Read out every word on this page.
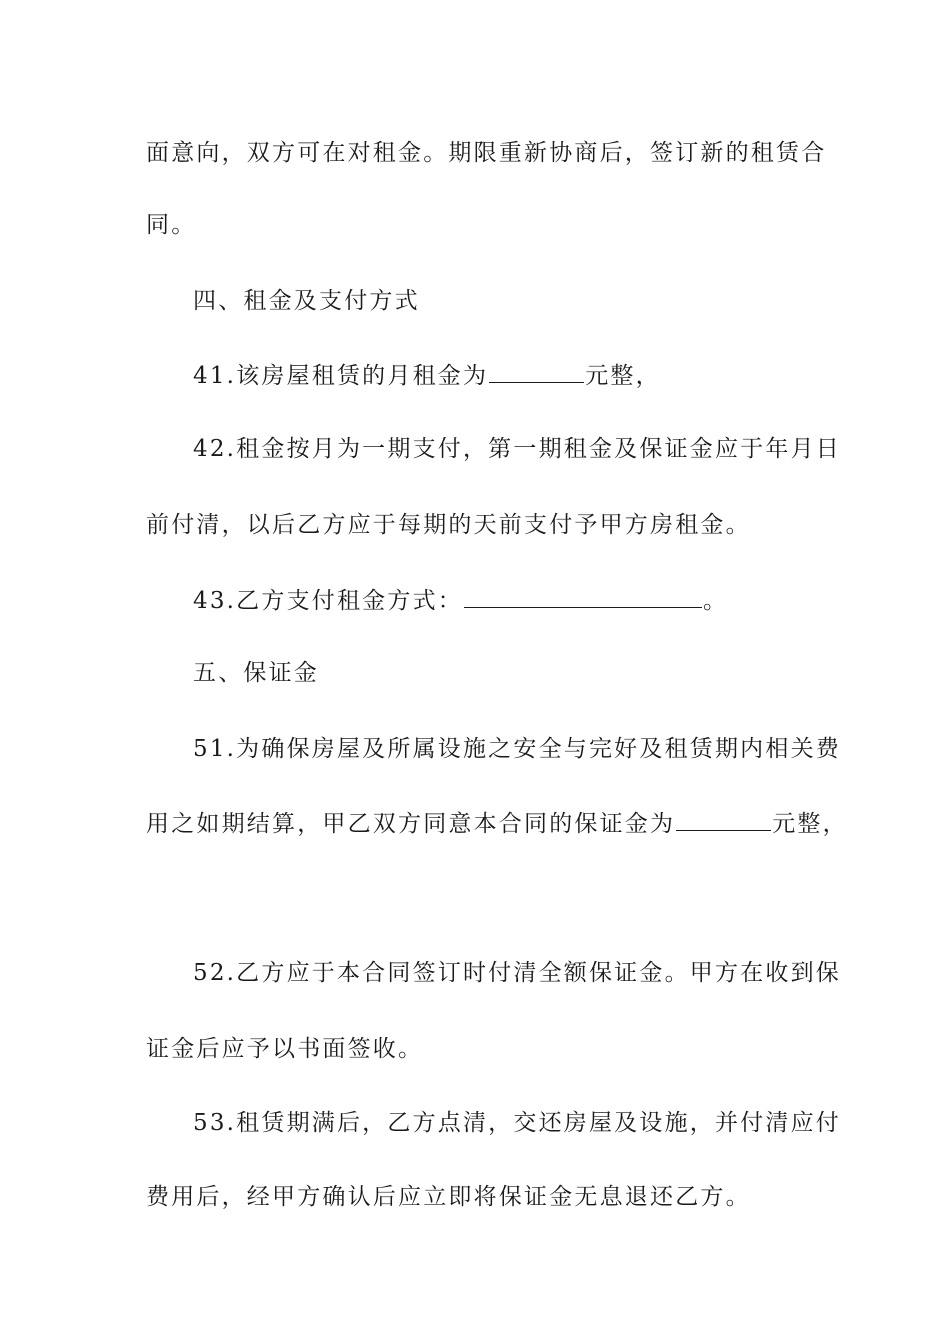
面意向，双方可在对租金。期限重新协商后，签订新的租赁合
同。
四、租金及支付方式
41.该房屋租赁的月租金为	元整，
42.租金按月为一期支付，第一期租金及保证金应于年月日
前付清，以后乙方应于每期的天前支付予甲方房租金。
43.乙方支付租金方式：	。
五、保证金
51.为确保房屋及所属设施之安全与完好及租赁期内相关费
用之如期结算，甲乙双方同意本合同的保证金为	元整，
52.乙方应于本合同签订时付清全额保证金。甲方在收到保
证金后应予以书面签收。
53.租赁期满后，乙方点清，交还房屋及设施，并付清应付
费用后，经甲方确认后应立即将保证金无息退还乙方。
